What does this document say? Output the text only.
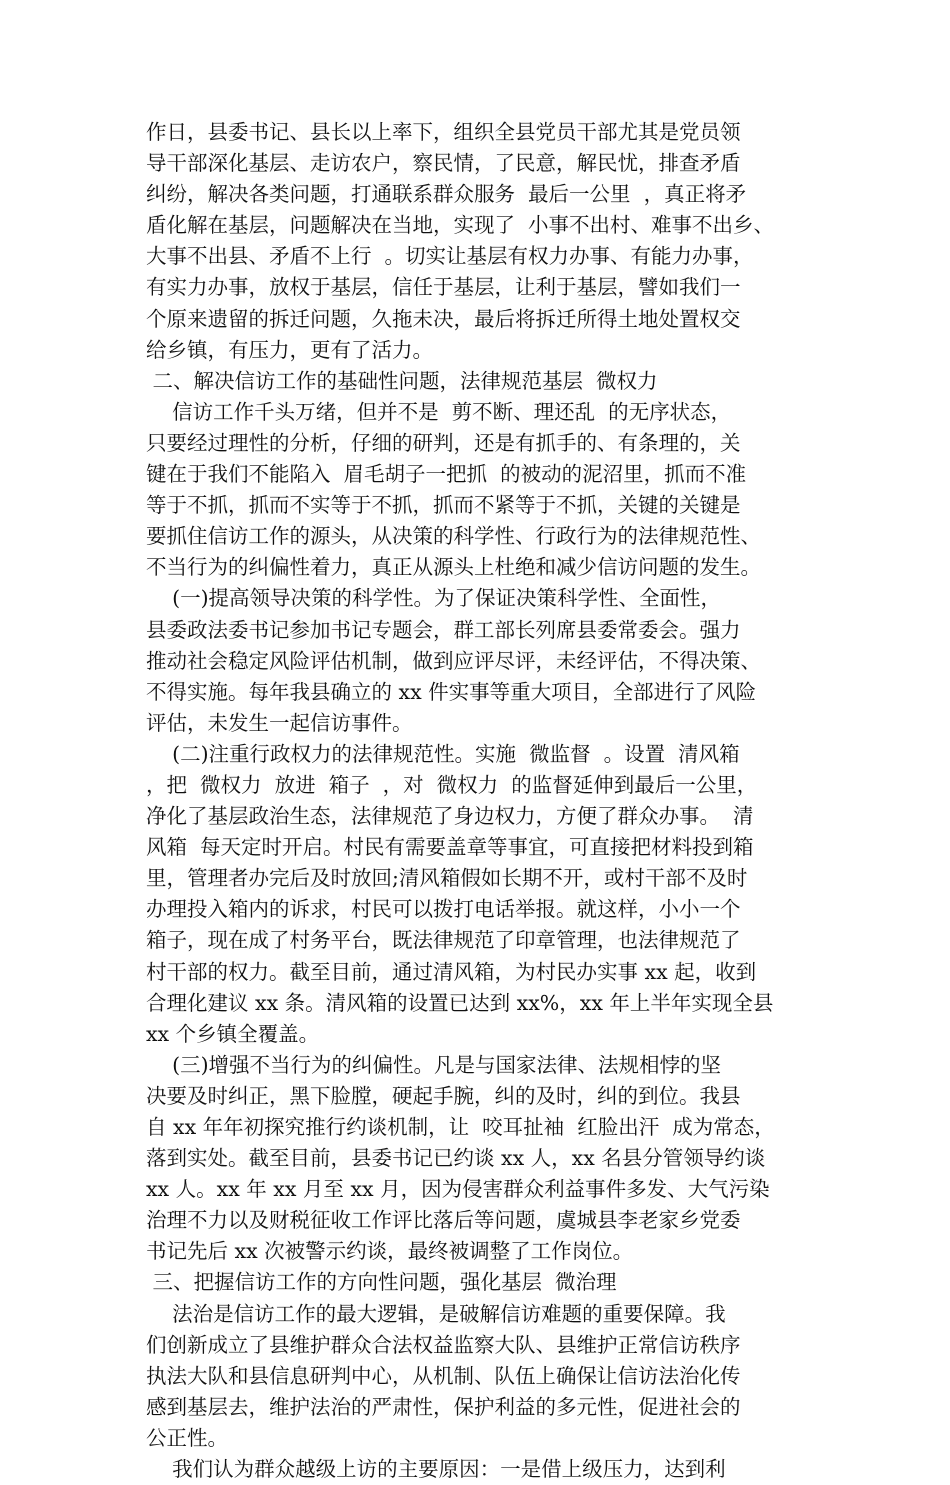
作日，县委书记、县长以上率下，组织全县党员干部尤其是党员领
导干部深化基层、走访农户，察民情，了民意，解民忧，排查矛盾
纠纷，解决各类问题，打通联系群众服务  最后一公里  ，真正将矛
盾化解在基层，问题解决在当地，实现了  小事不出村、难事不出乡、
大事不出县、矛盾不上行  。切实让基层有权力办事、有能力办事，
有实力办事，放权于基层，信任于基层，让利于基层，譬如我们一
个原来遗留的拆迁问题，久拖未决，最后将拆迁所得土地处置权交
给乡镇，有压力，更有了活力。
二、解决信访工作的基础性问题，法律规范基层  微权力
信访工作千头万绪，但并不是  剪不断、理还乱  的无序状态，
只要经过理性的分析，仔细的研判，还是有抓手的、有条理的，关
键在于我们不能陷入  眉毛胡子一把抓  的被动的泥沼里，抓而不准
等于不抓，抓而不实等于不抓，抓而不紧等于不抓，关键的关键是
要抓住信访工作的源头，从决策的科学性、行政行为的法律规范性、
不当行为的纠偏性着力，真正从源头上杜绝和减少信访问题的发生。
(一)提高领导决策的科学性。为了保证决策科学性、全面性，
县委政法委书记参加书记专题会，群工部长列席县委常委会。强力
推动社会稳定风险评估机制，做到应评尽评，未经评估，不得决策、
不得实施。每年我县确立的 xx 件实事等重大项目，全部进行了风险
评估，未发生一起信访事件。
(二)注重行政权力的法律规范性。实施  微监督  。设置  清风箱
，把  微权力  放进  箱子  ，对  微权力  的监督延伸到最后一公里，
净化了基层政治生态，法律规范了身边权力，方便了群众办事。  清
风箱  每天定时开启。村民有需要盖章等事宜，可直接把材料投到箱
里，管理者办完后及时放回;清风箱假如长期不开，或村干部不及时
办理投入箱内的诉求，村民可以拨打电话举报。就这样，小小一个
箱子，现在成了村务平台，既法律规范了印章管理，也法律规范了
村干部的权力。截至目前，通过清风箱，为村民办实事 xx 起，收到
合理化建议 xx 条。清风箱的设置已达到 xx%，xx 年上半年实现全县
xx 个乡镇全覆盖。
(三)增强不当行为的纠偏性。凡是与国家法律、法规相悖的坚
决要及时纠正，黑下脸膛，硬起手腕，纠的及时，纠的到位。我县
自 xx 年年初探究推行约谈机制，让  咬耳扯袖  红脸出汗  成为常态，
落到实处。截至目前，县委书记已约谈 xx 人，xx 名县分管领导约谈
xx 人。xx 年 xx 月至 xx 月，因为侵害群众利益事件多发、大气污染
治理不力以及财税征收工作评比落后等问题，虞城县李老家乡党委
书记先后 xx 次被警示约谈，最终被调整了工作岗位。
三、把握信访工作的方向性问题，强化基层  微治理
法治是信访工作的最大逻辑，是破解信访难题的重要保障。我
们创新成立了县维护群众合法权益监察大队、县维护正常信访秩序
执法大队和县信息研判中心，从机制、队伍上确保让信访法治化传
感到基层去，维护法治的严肃性，保护利益的多元性，促进社会的
公正性。
我们认为群众越级上访的主要原因：一是借上级压力，达到利
